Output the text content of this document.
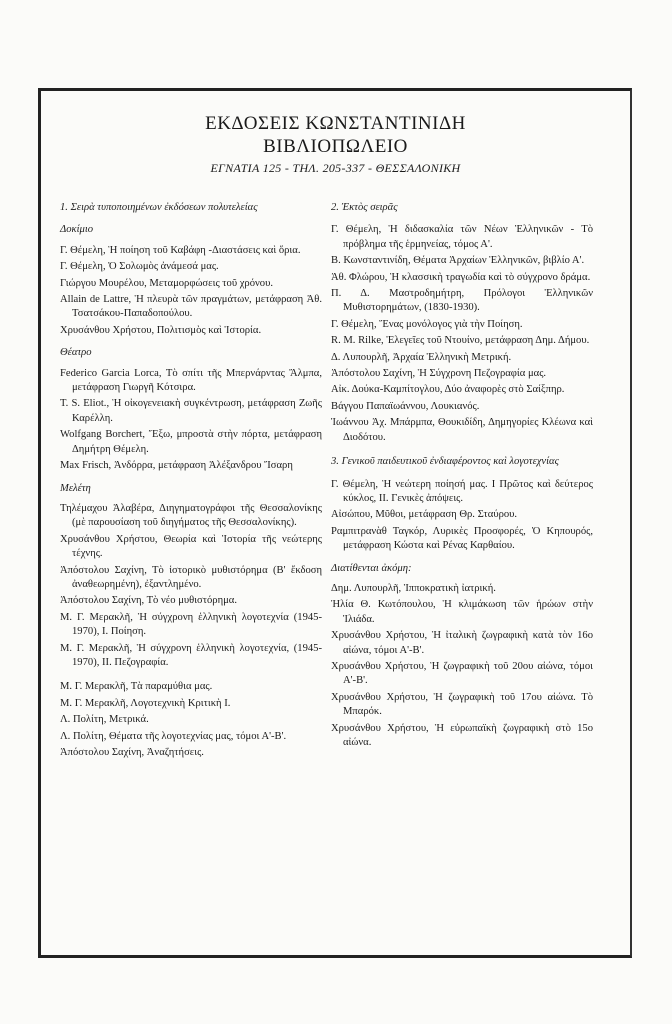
ΕΚΔΟΣΕΙΣ ΚΩΝΣΤΑΝΤΙΝΙΔΗ
ΒΙΒΛΙΟΠΩΛΕΙΟ
ΕΓΝΑΤΙΑ 125 - ΤΗΛ. 205-337 - ΘΕΣΣΑΛΟΝΙΚΗ
1. Σειρὰ τυποποιημένων ἐκδόσεων πολυτελείας
Δοκίμιο
Γ. Θέμελη, Ἡ ποίηση τοῦ Καβάφη -Διαστάσεις καὶ ὅρια.
Γ. Θέμελη, Ὁ Σολωμὸς ἀνάμεσά μας.
Γιώργου Μουρέλου, Μεταμορφώσεις τοῦ χρόνου.
Allain de Lattre, Ἡ πλευρὰ τῶν πραγμάτων, μετάφραση Ἀθ. Τσατσάκου-Παπαδοπούλου.
Χρυσάνθου Χρήστου, Πολιτισμὸς καὶ Ἱστορία.
Θέατρο
Federico Garcia Lorca, Τὸ σπίτι τῆς Μπερνάρντας Ἄλμπα, μετάφραση Γιωργῆ Κότσιρα.
T. S. Eliot., Ἡ οἰκογενειακὴ συγκέντρωση, μετάφραση Ζωῆς Καρέλλη.
Wolfgang Borchert, Ἔξω, μπροστὰ στὴν πόρτα, μετάφραση Δημήτρη Θέμελη.
Max Frisch, Ἀνδόρρα, μετάφραση Ἀλέξανδρου Ἴσαρη
Μελέτη
Τηλέμαχου Ἀλαβέρα, Διηγηματογράφοι τῆς Θεσσαλονίκης (μὲ παρουσίαση τοῦ διηγήματος τῆς Θεσσαλονίκης).
Χρυσάνθου Χρήστου, Θεωρία καὶ Ἱστορία τῆς νεώτερης τέχνης.
Ἀπόστολου Σαχίνη, Τὸ ἱστορικὸ μυθιστόρημα (Β' ἔκδοση ἀναθεωρημένη), ἐξαντλημένο.
Ἀπόστολου Σαχίνη, Τὸ νέο μυθιστόρημα.
Μ. Γ. Μερακλῆ, Ἡ σύγχρονη ἑλληνικὴ λογοτεχνία (1945-1970), Ι. Ποίηση.
Μ. Γ. Μερακλῆ, Ἡ σύγχρονη ἑλληνικὴ λογοτεχνία, (1945-1970), ΙΙ. Πεζογραφία.
Μ. Γ. Μερακλῆ, Τὰ παραμύθια μας.
Μ. Γ. Μερακλῆ, Λογοτεχνικὴ Κριτικὴ Ι.
Λ. Πολίτη, Μετρικά.
Λ. Πολίτη, Θέματα τῆς λογοτεχνίας μας, τόμοι Α'-Β'.
Ἀπόστολου Σαχίνη, Ἀναζητήσεις.
2. Ἐκτὸς σειρᾶς
Γ. Θέμελη, Ἡ διδασκαλία τῶν Νέων Ἑλληνικῶν - Τὸ πρόβλημα τῆς ἑρμηνείας, τόμος Α'.
Β. Κωνσταντινίδη, Θέματα Ἀρχαίων Ἑλληνικῶν, βιβλίο Α'.
Ἀθ. Φλώρου, Ἡ κλασσικὴ τραγωδία καὶ τὸ σύγχρονο δράμα.
Π. Δ. Μαστροδημήτρη, Πρόλογοι Ἑλληνικῶν Μυθιστορημάτων, (1830-1930).
Γ. Θέμελη, Ἕνας μονόλογος γιὰ τὴν Ποίηση.
R. M. Rilke, Ἐλεγεῖες τοῦ Ντουίνο, μετάφραση Δημ. Δήμου.
Δ. Λυπουρλῆ, Ἀρχαία Ἑλληνικὴ Μετρική.
Ἀπόστολου Σαχίνη, Ἡ Σύγχρονη Πεζογραφία μας.
Αἰκ. Δούκα-Καμπίτογλου, Δύο ἀναφορὲς στὸ Σαίξπηρ.
Βάγγου Παπαϊωάννου, Λουκιανός.
Ἰωάννου Ἀχ. Μπάρμπα, Θουκιδίδη, Δημηγορίες Κλέωνα καὶ Διοδότου.
3. Γενικοῦ παιδευτικοῦ ἐνδιαφέροντος καὶ λογοτεχνίας
Γ. Θέμελη, Ἡ νεώτερη ποίησή μας. Ι Πρῶτος καὶ δεύτερος κύκλος, ΙΙ. Γενικὲς ἀπόψεις.
Αἰσώπου, Μῦθοι, μετάφραση Θρ. Σταύρου.
Ραμπιτρανὰθ Ταγκόρ, Λυρικὲς Προσφορές, Ὁ Κηπουρός, μετάφραση Κώστα καὶ Ρένας Καρθαίου.
Διατίθενται ἀκόμη:
Δημ. Λυπουρλῆ, Ἱπποκρατικὴ ἰατρική.
Ἠλία Θ. Κωτόπουλου, Ἡ κλιμάκωση τῶν ἡρώων στὴν Ἰλιάδα.
Χρυσάνθου Χρήστου, Ἡ ἰταλικὴ ζωγραφικὴ κατὰ τὸν 16ο αἰώνα, τόμοι Α'-Β'.
Χρυσάνθου Χρήστου, Ἡ ζωγραφικὴ τοῦ 20ου αἰώνα, τόμοι Α'-Β'.
Χρυσάνθου Χρήστου, Ἡ ζωγραφικὴ τοῦ 17ου αἰώνα. Τὸ Μπαρόκ.
Χρυσάνθου Χρήστου, Ἡ εὐρωπαϊκὴ ζωγραφικὴ στὸ 15ο αἰώνα.
